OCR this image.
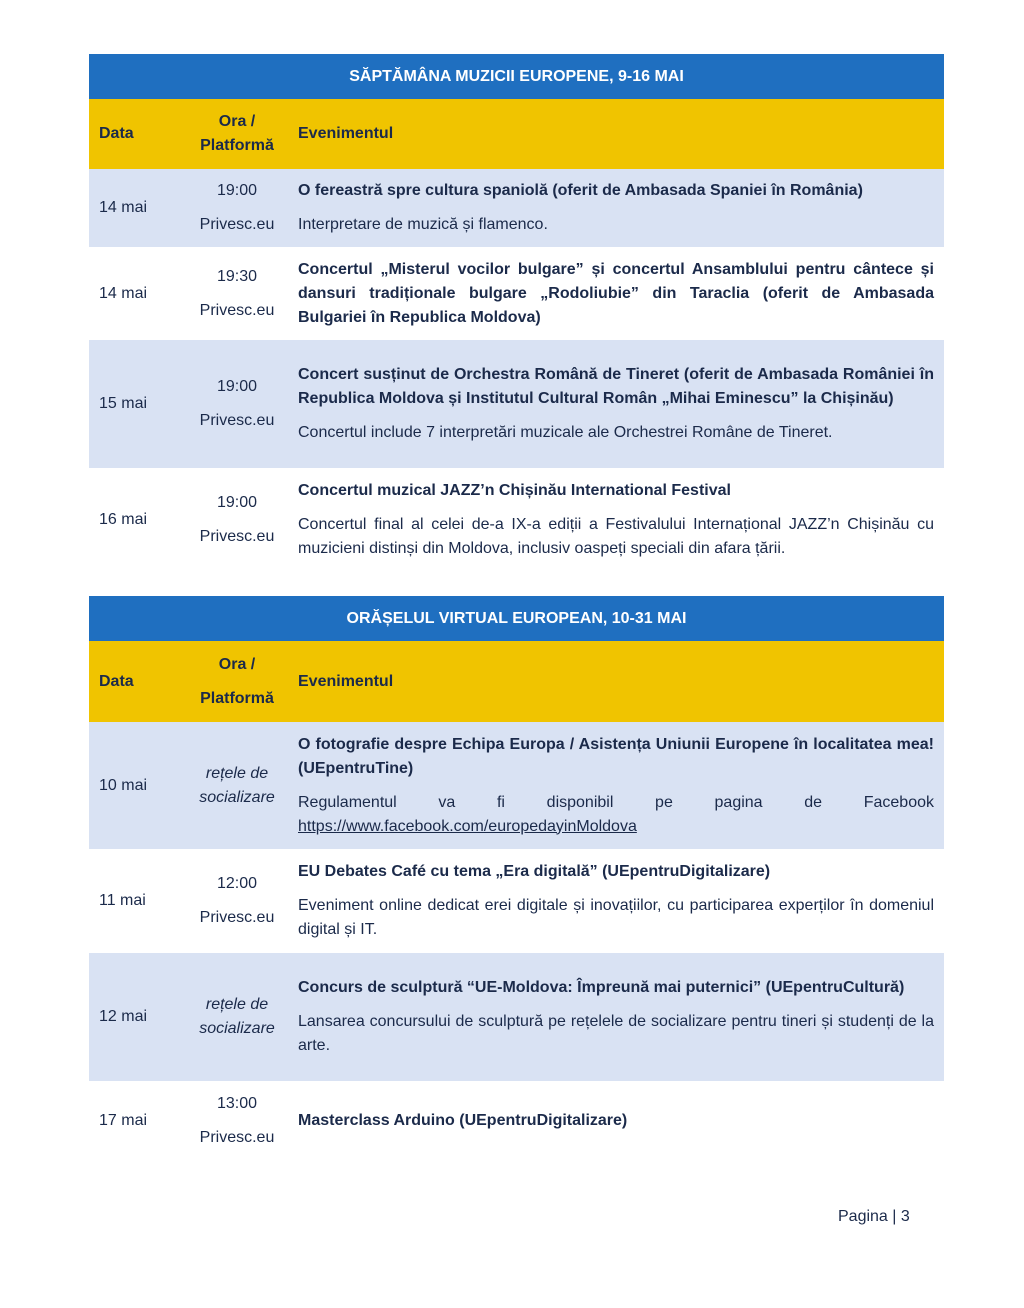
SĂPTĂMÂNA MUZICII EUROPENE, 9-16 MAI
Data
Ora /
Platformă
Evenimentul
14 mai
19:00
Privesc.eu
O fereastră spre cultura spaniolă (oferit de Ambasada Spaniei în România)
Interpretare de muzică și flamenco.
14 mai
19:30
Privesc.eu
Concertul „Misterul vocilor bulgare” și concertul Ansamblului pentru cântece și dansuri tradiționale bulgare „Rodoliubie” din Taraclia (oferit de Ambasada Bulgariei în Republica Moldova)
15 mai
19:00
Privesc.eu
Concert susținut de Orchestra Română de Tineret (oferit de Ambasada României în Republica Moldova și Institutul Cultural Român „Mihai Eminescu” la Chișinău)
Concertul include 7 interpretări muzicale ale Orchestrei Române de Tineret.
16 mai
19:00
Privesc.eu
Concertul muzical JAZZ’n Chișinău International Festival
Concertul final al celei de-a IX-a ediții a Festivalului Internațional JAZZ’n Chișinău cu muzicieni distinși din Moldova, inclusiv oaspeți speciali din afara țării.
ORĂȘELUL VIRTUAL EUROPEAN, 10-31 MAI
Data
Ora /
Platformă
Evenimentul
10 mai
rețele de
socializare
O fotografie despre Echipa Europa / Asistența Uniunii Europene în localitatea mea! (UEpentruTine)
Regulamentul va fi disponibil pe pagina de Facebook
https://www.facebook.com/europedayinMoldova
11 mai
12:00
Privesc.eu
EU Debates Café cu tema „Era digitală” (UEpentruDigitalizare)
Eveniment online dedicat erei digitale și inovațiilor, cu participarea experților în domeniul digital și IT.
12 mai
rețele de
socializare
Concurs de sculptură “UE-Moldova: Împreună mai puternici” (UEpentruCultură)
Lansarea concursului de sculptură pe rețelele de socializare pentru tineri și studenți de la arte.
17 mai
13:00
Privesc.eu
Masterclass Arduino (UEpentruDigitalizare)
Pagina | 3
